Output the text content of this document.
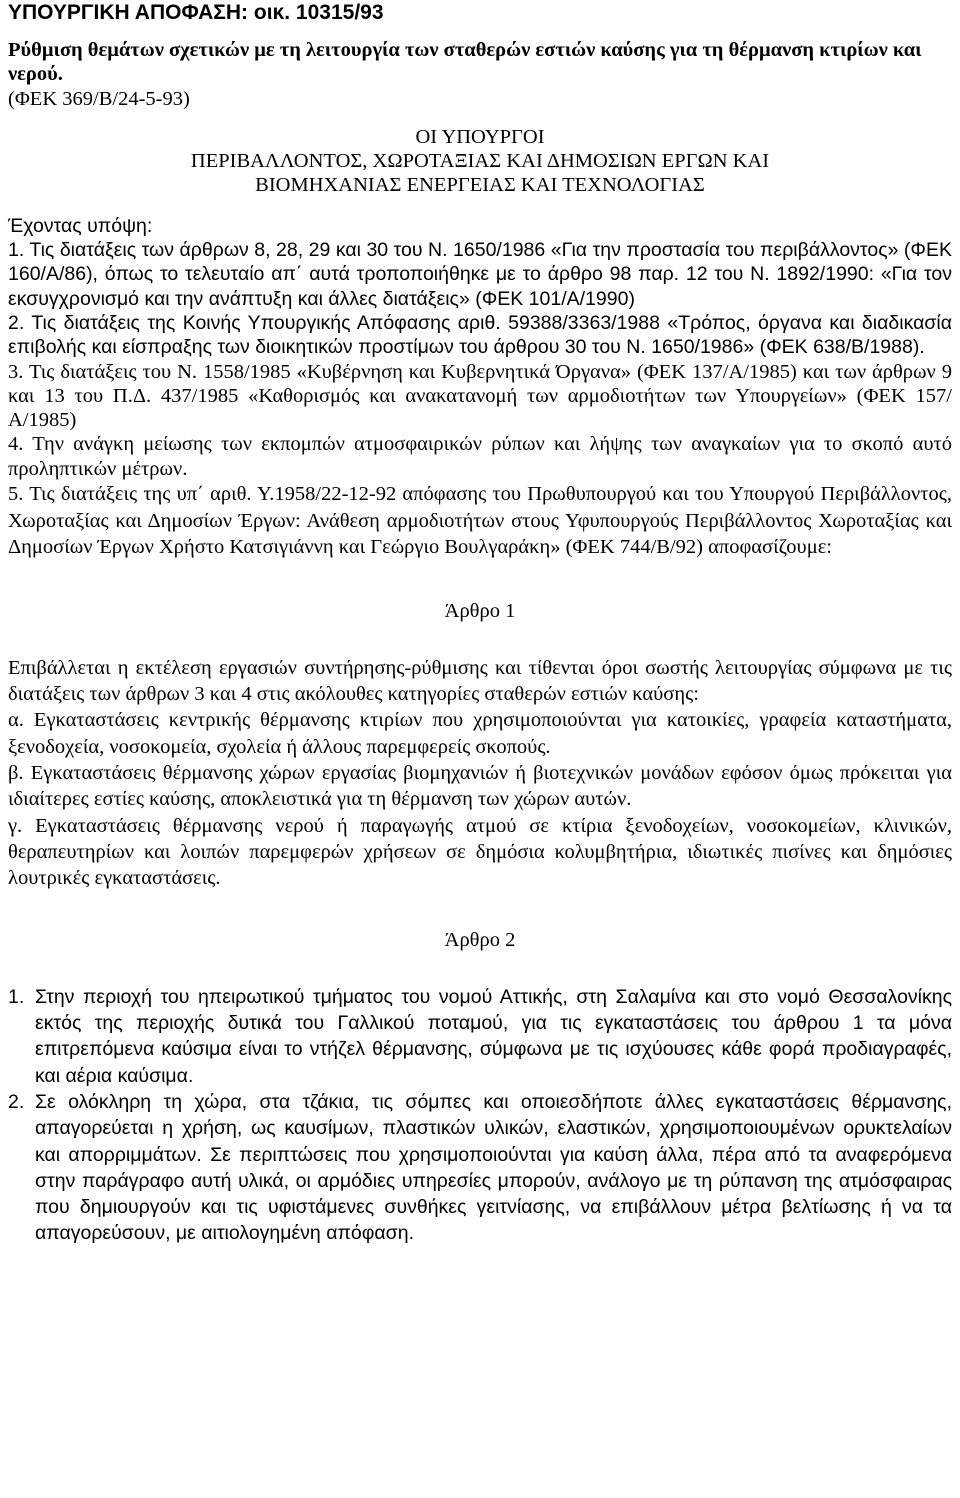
ΥΠΟΥΡΓΙΚΗ ΑΠΟΦΑΣΗ: οικ. 10315/93

Ρύθμιση θεμάτων σχετικών με τη λειτουργία των σταθερών εστιών καύσης για τη θέρμανση κτιρίων και νερού.

(ΦΕΚ 369/Β/24-5-93)

ΟΙ ΥΠΟΥΡΓΟΙ

ΠΕΡΙΒΑΛΛΟΝΤΟΣ, ΧΩΡΟΤΑΞΙΑΣ ΚΑΙ ΔΗΜΟΣΙΩΝ ΕΡΓΩΝ ΚΑΙ

ΒΙΟΜΗΧΑΝΙΑΣ ΕΝΕΡΓΕΙΑΣ ΚΑΙ ΤΕΧΝΟΛΟΓΙΑΣ

Έχοντας υπόψη:

1. Τις διατάξεις των άρθρων 8, 28, 29 και 30 του Ν. 1650/1986 «Για την προστασία του περιβάλλοντος» (ΦΕΚ 160/Α/86), όπως το τελευταίο απ΄ αυτά τροποποιήθηκε με το άρθρο 98 παρ. 12 του Ν. 1892/1990: «Για τον εκσυγχρονισμό και την ανάπτυξη και άλλες διατάξεις» (ΦΕΚ 101/Α/1990)

2. Τις διατάξεις της Κοινής Υπουργικής Απόφασης αριθ. 59388/3363/1988 «Τρόπος, όργανα και διαδικασία επιβολής και είσπραξης των διοικητικών προστίμων του άρθρου 30 του Ν. 1650/1986» (ΦΕΚ 638/Β/1988).

3. Τις διατάξεις του Ν. 1558/1985 «Κυβέρνηση και Κυβερνητικά Όργανα» (ΦΕΚ 137/Α/1985) και των άρθρων 9 και 13 του Π.Δ. 437/1985 «Καθορισμός και ανακατανομή των αρμοδιοτήτων των Υπουργείων» (ΦΕΚ 157/Α/1985)

4. Την ανάγκη μείωσης των εκπομπών ατμοσφαιρικών ρύπων και λήψης των αναγκαίων για το σκοπό αυτό προληπτικών μέτρων.

5. Τις διατάξεις της υπ΄ αριθ. Υ.1958/22-12-92 απόφασης του Πρωθυπουργού και του Υπουργού Περιβάλλοντος, Χωροταξίας και Δημοσίων Έργων: Ανάθεση αρμοδιοτήτων στους Υφυπουργούς Περιβάλλοντος Χωροταξίας και Δημοσίων Έργων Χρήστο Κατσιγιάννη και Γεώργιο Βουλγαράκη» (ΦΕΚ 744/Β/92) αποφασίζουμε:

Άρθρο 1

Επιβάλλεται η εκτέλεση εργασιών συντήρησης-ρύθμισης και τίθενται όροι σωστής λειτουργίας σύμφωνα με τις διατάξεις των άρθρων 3 και 4 στις ακόλουθες κατηγορίες σταθερών εστιών καύσης:

α. Εγκαταστάσεις κεντρικής θέρμανσης κτιρίων που χρησιμοποιούνται για κατοικίες, γραφεία καταστήματα, ξενοδοχεία, νοσοκομεία, σχολεία ή άλλους παρεμφερείς σκοπούς.

β. Εγκαταστάσεις θέρμανσης χώρων εργασίας βιομηχανιών ή βιοτεχνικών μονάδων εφόσον όμως πρόκειται για ιδιαίτερες εστίες καύσης, αποκλειστικά για τη θέρμανση των χώρων αυτών.

γ. Εγκαταστάσεις θέρμανσης νερού ή παραγωγής ατμού σε κτίρια ξενοδοχείων, νοσοκομείων, κλινικών, θεραπευτηρίων και λοιπών παρεμφερών χρήσεων σε δημόσια κολυμβητήρια, ιδιωτικές πισίνες και δημόσιες λουτρικές εγκαταστάσεις.

Άρθρο 2

1. Στην περιοχή του ηπειρωτικού τμήματος του νομού Αττικής, στη Σαλαμίνα και στο νομό Θεσσαλονίκης εκτός της περιοχής δυτικά του Γαλλικού ποταμού, για τις εγκαταστάσεις του άρθρου 1 τα μόνα επιτρεπόμενα καύσιμα είναι το ντήζελ θέρμανσης, σύμφωνα με τις ισχύουσες κάθε φορά προδιαγραφές, και αέρια καύσιμα.
2. Σε ολόκληρη τη χώρα, στα τζάκια, τις σόμπες και οποιεσδήποτε άλλες εγκαταστάσεις θέρμανσης, απαγορεύεται η χρήση, ως καυσίμων, πλαστικών υλικών, ελαστικών, χρησιμοποιουμένων ορυκτελαίων και απορριμμάτων. Σε περιπτώσεις που χρησιμοποιούνται για καύση άλλα, πέρα από τα αναφερόμενα στην παράγραφο αυτή υλικά, οι αρμόδιες υπηρεσίες μπορούν, ανάλογο με τη ρύπανση της ατμόσφαιρας που δημιουργούν και τις υφιστάμενες συνθήκες γειτνίασης, να επιβάλλουν μέτρα βελτίωσης ή να τα απαγορεύσουν, με αιτιολογημένη απόφαση.
